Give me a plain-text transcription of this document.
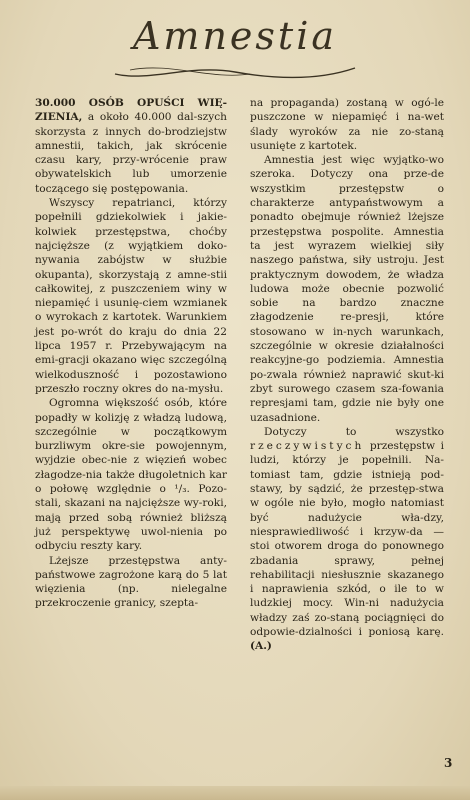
Amnestia

30.000 OSÓB OPUŚCI WIĘ-ZIENIA, a około 40.000 dal-szych skorzysta z innych do-brodziejstw amnestii, takich, jak skrócenie czasu kary, przy-wrócenie praw obywatelskich lub umorzenie toczącego się postępowania.

Wszyscy repatrianci, którzy popełnili gdziekolwiek i jakie-kolwiek przestępstwa, choćby najcięższe (z wyjątkiem doko-nywania zabójstw w służbie okupanta), skorzystają z amne-stii całkowitej, z puszczeniem winy w niepamięć i usunię-ciem wzmianek o wyrokach z kartotek. Warunkiem jest po-wrót do kraju do dnia 22 lipca 1957 r. Przebywającym na emi-gracji okazano więc szczególną wielkoduszność i pozostawiono przeszło roczny okres do na-mysłu.

Ogromna większość osób, które popadły w kolizję z władzą ludową, szczególnie w początkowym burzliwym okre-sie powojennym, wyjdzie obec-nie z więzień wobec złagodze-nia także długoletnich kar o połowę względnie o ¹/₃. Pozo-stali, skazani na najcięższe wy-roki, mają przed sobą również bliższą już perspektywę uwol-nienia po odbyciu reszty kary.

Lżejsze przestępstwa anty-państwowe zagrożone karą do 5 lat więzienia (np. nielegalne przekroczenie granicy, szepta-

na propaganda) zostaną w ogó-le puszczone w niepamięć i na-wet ślady wyroków za nie zo-staną usunięte z kartotek.

Amnestia jest więc wyjątko-wo szeroka. Dotyczy ona prze-de wszystkim przestępstw o charakterze antypaństwowym a ponadto obejmuje również lżejsze przestępstwa pospolite. Amnestia ta jest wyrazem wielkiej siły naszego państwa, siły ustroju. Jest praktycznym dowodem, że władza ludowa może obecnie pozwolić sobie na bardzo znaczne złagodzenie re-presji, które stosowano w in-nych warunkach, szczególnie w okresie działalności reakcyjne-go podziemia. Amnestia po-zwala również naprawić skut-ki zbyt surowego czasem sza-fowania represjami tam, gdzie nie były one uzasadnione.

Dotyczy to wszystko rzeczywistych przestępstw i ludzi, którzy je popełnili. Na-tomiast tam, gdzie istnieją pod-stawy, by sądzić, że przestęp-stwa w ogóle nie było, mogło natomiast być nadużycie wła-dzy, niesprawiedliwość i krzyw-da — stoi otworem droga do ponownego zbadania sprawy, pełnej rehabilitacji niesłusznie skazanego i naprawienia szkód, o ile to w ludzkiej mocy. Win-ni nadużycia władzy zaś zo-staną pociągnięci do odpowie-dzialności i poniosą karę. (A.)

3
